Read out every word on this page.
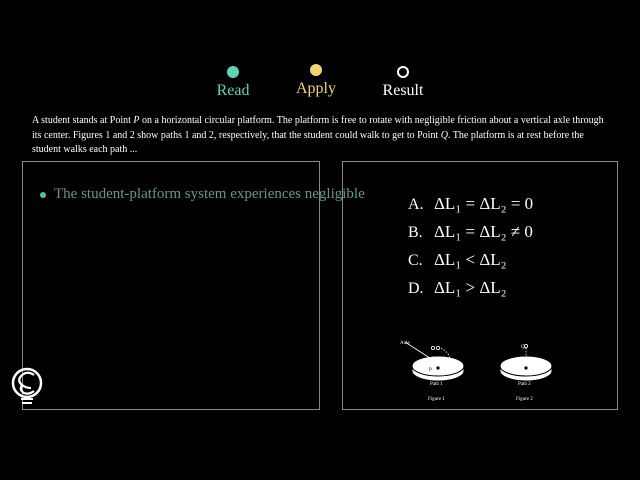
Read	Apply	Result
A student stands at Point P on a horizontal circular platform. The platform is free to rotate with negligible friction about a vertical axle through its center. Figures 1 and 2 show paths 1 and 2, respectively, that the student could walk to get to Point Q. The platform is at rest before the student walks each path ...
The student-platform system experiences negligible
A. ΔL₁ = ΔL₂ = 0
B. ΔL₁ = ΔL₂ ≠ 0
C. ΔL₁ < ΔL₂
D. ΔL₁ > ΔL₂
P
Axle
Path 1
Figure 1
Q
Path 2
Figure 2
